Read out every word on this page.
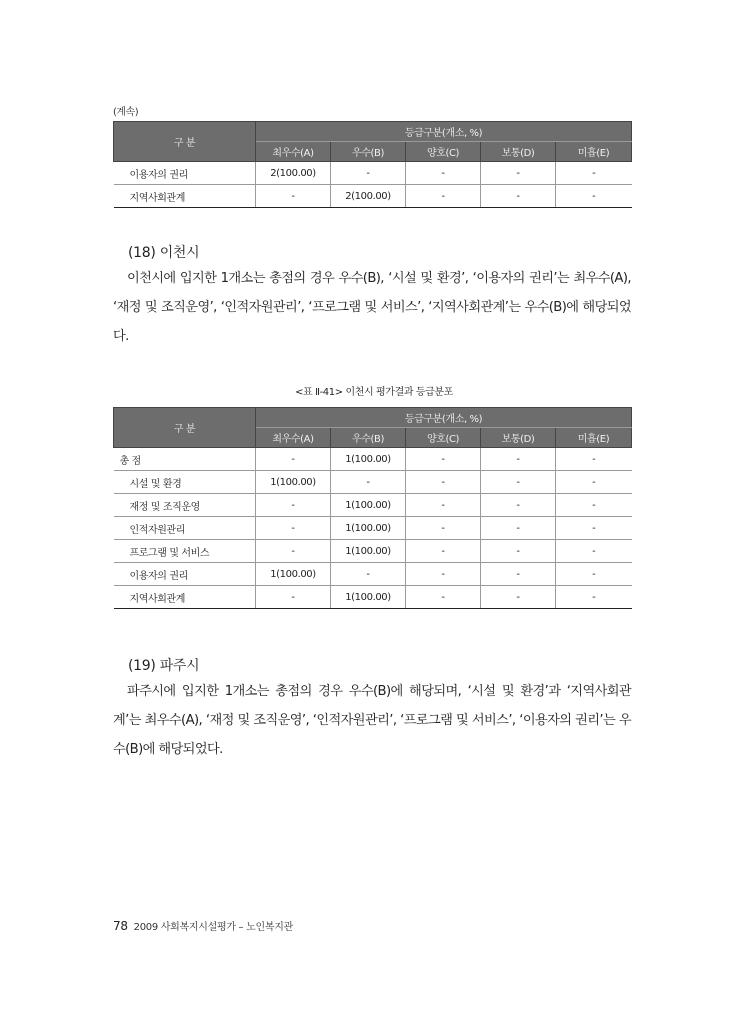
(계속)
구 분	등급구분(개소, %)				
	최우수(A)	우수(B)	양호(C)	보통(D)	미흡(E)
이용자의 권리	2(100.00)	-	-	-	-
지역사회관계	-	2(100.00)	-	-	-
(18) 이천시
이천시에 입지한 1개소는 총점의 경우 우수(B), ‘시설 및 환경’, ‘이용자의 권리’는 최우수(A), ‘재정 및 조직운영’, ‘인적자원관리’, ‘프로그램 및 서비스’, ‘지역사회관계’는 우수(B)에 해당되었다.
<표 Ⅱ-41> 이천시 평가결과 등급분포
구 분	등급구분(개소, %)				
	최우수(A)	우수(B)	양호(C)	보통(D)	미흡(E)
총 점	-	1(100.00)	-	-	-
시설 및 환경	1(100.00)	-	-	-	-
재정 및 조직운영	-	1(100.00)	-	-	-
인적자원관리	-	1(100.00)	-	-	-
프로그램 및 서비스	-	1(100.00)	-	-	-
이용자의 권리	1(100.00)	-	-	-	-
지역사회관계	-	1(100.00)	-	-	-
(19) 파주시
파주시에 입지한 1개소는 총점의 경우 우수(B)에 해당되며, ‘시설 및 환경’과 ‘지역사회관계’는 최우수(A), ‘재정 및 조직운영’, ‘인적자원관리’, ‘프로그램 및 서비스’, ‘이용자의 권리’는 우수(B)에 해당되었다.
78 2009 사회복지시설평가 – 노인복지관
